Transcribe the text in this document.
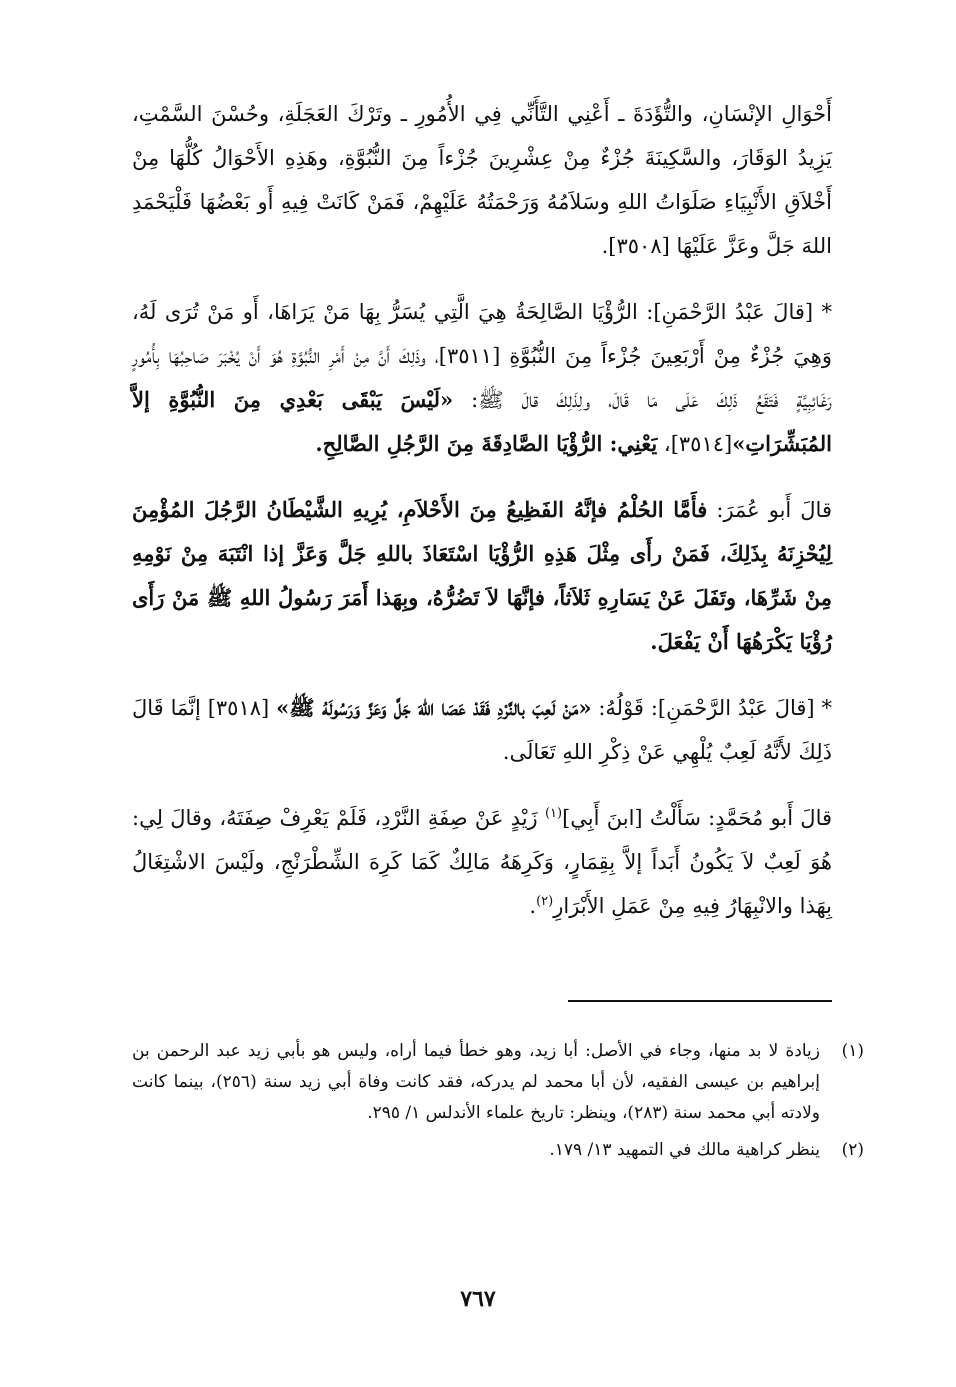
أَحْوَالِ الإنْسَانِ، والتُّؤَدَةَ ـ أَعْنِي التَّأَنِّي فِي الأُمُورِ ـ وتَرْكَ العَجَلَةِ، وحُسْنَ السَّمْتِ، يَزِيدُ الوَقَارَ، والسَّكِينَةَ جُزْءٌ مِنْ عِشْرِينَ جُزْءاً مِنَ النُّبُوَّةِ، وهَذِهِ الأَحْوَالُ كُلُّهَا مِنْ أَخْلاَقِ الأَنْبِيَاءِ صَلَوَاتُ اللهِ وسَلاَمُهُ وَرَحْمَتُهُ عَلَيْهِمْ، فَمَنْ كَانَتْ فِيهِ أَو بَعْضُهَا فَلْيَحْمَدِ اللهَ جَلَّ وعَزَّ عَلَيْهَا [٣٥٠٨].

* [قالَ عَبْدُ الرَّحْمَنِ]: الرُّؤْيَا الصَّالِحَةُ هِيَ الَّتِي يُسَرُّ بِهَا مَنْ يَرَاهَا، أَو مَنْ تُرَى لَهُ، وَهِيَ جُزْءٌ مِنْ أَرْبَعِينَ جُزْءاً مِنَ النُّبُوَّةِ [٣٥١١]، وذَلِكَ أَنَّ مِنْ أَمْرِ النُّبُوَّةِ هُوَ أَنْ يُخْبَرَ صَاحِبُهَا بِأُمُورٍ رَغَائِبِيَّةٍ فَتَقَعُ ذَلِكَ عَلَى مَا قَالَ، ولِذَلِكَ قالَ ﷺ: «لَيْسَ يَبْقَى بَعْدِي مِنَ النُّبُوَّةِ إلاَّ المُبَشِّرَاتِ»[٣٥١٤]، يَعْنِي: الرُّؤْيَا الصَّادِقَةَ مِنَ الرَّجُلِ الصَّالِحِ.

قالَ أَبو عُمَرَ: فأَمَّا الحُلْمُ فإنَّهُ الفَظِيعُ مِنَ الأَحْلاَمِ، يُرِيهِ الشَّيْطَانُ الرَّجُلَ المُؤْمِنَ لِيُحْزِنَهُ بِذَلِكَ، فَمَنْ رأَى مِثْلَ هَذِهِ الرُّؤْيَا اسْتَعَاذَ باللهِ جَلَّ وَعَزَّ إذا انْتَبَهَ مِنْ نَوْمِهِ مِنْ شَرِّهَا، وتَفَلَ عَنْ يَسَارِهِ ثَلاَثاً، فإنَّهَا لاَ تَضُرُّهُ، وبِهَذا أَمَرَ رَسُولُ اللهِ ﷺ مَنْ رَأَى رُؤْيَا يَكْرَهُهَا أَنْ يَفْعَلَ.

* [قالَ عَبْدُ الرَّحْمَنِ]: قَوْلُهُ: «مَنْ لَعِبَ بالنَّرْدِ فَقَدْ عَصَا اللهَ جَلَّ وَعَزَّ وَرَسُولَهُ ﷺ» [٣٥١٨] إنَّمَا قَالَ ذَلِكَ لأَنَّهُ لَعِبٌ يُلْهِي عَنْ ذِكْرِ اللهِ تَعَالَى.

قالَ أَبو مُحَمَّدٍ: سَأَلْتُ [ابنَ أَبِي]$^{(١)}$ زَيْدٍ عَنْ صِفَةِ النَّرْدِ، فَلَمْ يَعْرِفْ صِفَتَهُ، وقالَ لِي: هُوَ لَعِبٌ لاَ يَكُونُ أَبَداً إلاَّ بِقِمَارٍ، وَكَرِهَهُ مَالِكٌ كَمَا كَرِهَ الشِّطْرَنْجِ، ولَيْسَ الاشْتِغَالُ بِهَذا والانْبِهَارُ فِيهِ مِنْ عَمَلِ الأَبْرَارِ$^{(٢)}$.

(١)
زيادة لا بد منها، وجاء في الأصل: أبا زيد، وهو خطأ فيما أراه، وليس هو بأبي زيد عبد الرحمن بن إبراهيم بن عيسى الفقيه، لأن أبا محمد لم يدركه، فقد كانت وفاة أبي زيد سنة (٢٥٦)، بينما كانت ولادته أبي محمد سنة (٢٨٣)، وينظر: تاريخ علماء الأندلس ١/ ٢٩٥.
(٢)
ينظر كراهية مالك في التمهيد ١٣/ ١٧٩.
٧٦٧
